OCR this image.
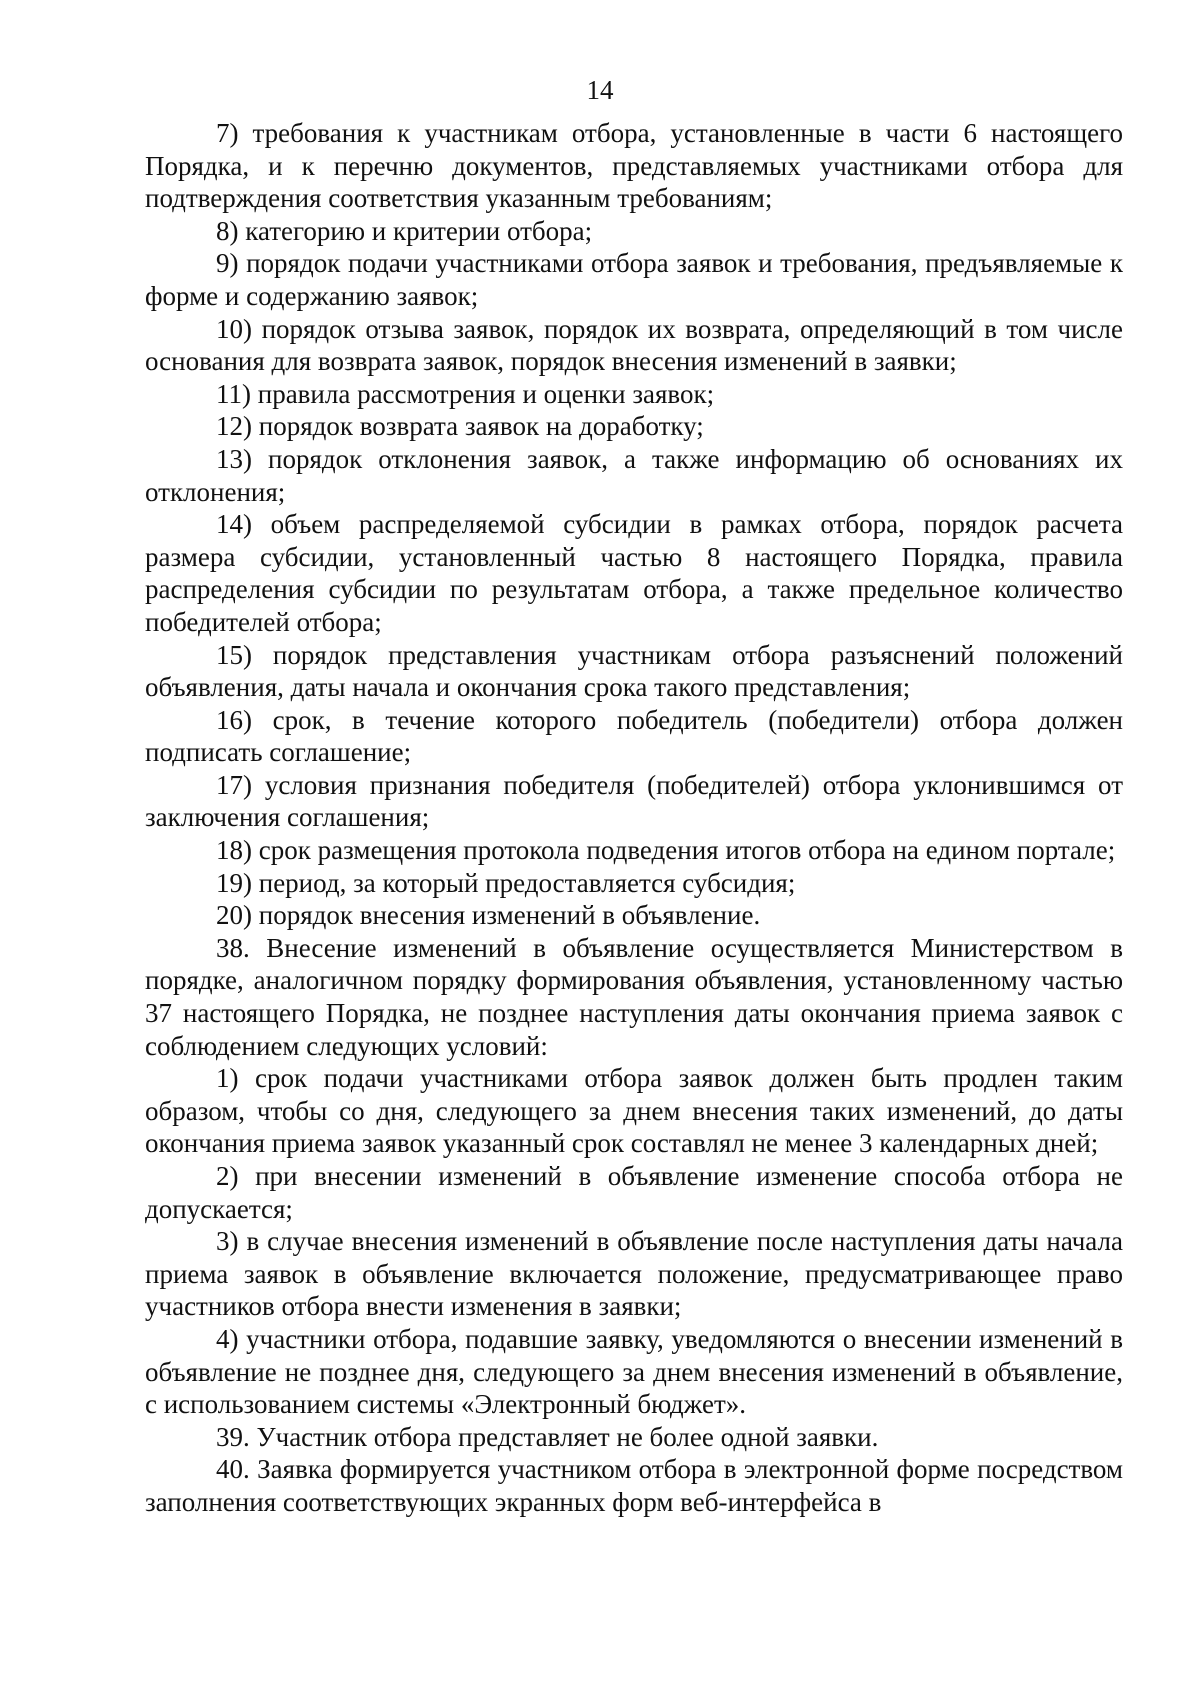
14

7) требования к участникам отбора, установленные в части 6 настоящего Порядка, и к перечню документов, представляемых участниками отбора для подтверждения соответствия указанным требованиям;

8) категорию и критерии отбора;

9) порядок подачи участниками отбора заявок и требования, предъявляемые к форме и содержанию заявок;

10) порядок отзыва заявок, порядок их возврата, определяющий в том числе основания для возврата заявок, порядок внесения изменений в заявки;

11) правила рассмотрения и оценки заявок;

12) порядок возврата заявок на доработку;

13) порядок отклонения заявок, а также информацию об основаниях их отклонения;

14) объем распределяемой субсидии в рамках отбора, порядок расчета размера субсидии, установленный частью 8 настоящего Порядка, правила распределения субсидии по результатам отбора, а также предельное количество победителей отбора;

15) порядок представления участникам отбора разъяснений положений объявления, даты начала и окончания срока такого представления;

16) срок, в течение которого победитель (победители) отбора должен подписать соглашение;

17) условия признания победителя (победителей) отбора уклонившимся от заключения соглашения;

18) срок размещения протокола подведения итогов отбора на едином портале;

19) период, за который предоставляется субсидия;

20) порядок внесения изменений в объявление.

38. Внесение изменений в объявление осуществляется Министерством в порядке, аналогичном порядку формирования объявления, установленному частью 37 настоящего Порядка, не позднее наступления даты окончания приема заявок с соблюдением следующих условий:

1) срок подачи участниками отбора заявок должен быть продлен таким образом, чтобы со дня, следующего за днем внесения таких изменений, до даты окончания приема заявок указанный срок составлял не менее 3 календарных дней;

2) при внесении изменений в объявление изменение способа отбора не допускается;

3) в случае внесения изменений в объявление после наступления даты начала приема заявок в объявление включается положение, предусматривающее право участников отбора внести изменения в заявки;

4) участники отбора, подавшие заявку, уведомляются о внесении изменений в объявление не позднее дня, следующего за днем внесения изменений в объявление, с использованием системы «Электронный бюджет».

39. Участник отбора представляет не более одной заявки.

40. Заявка формируется участником отбора в электронной форме посредством заполнения соответствующих экранных форм веб-интерфейса в
